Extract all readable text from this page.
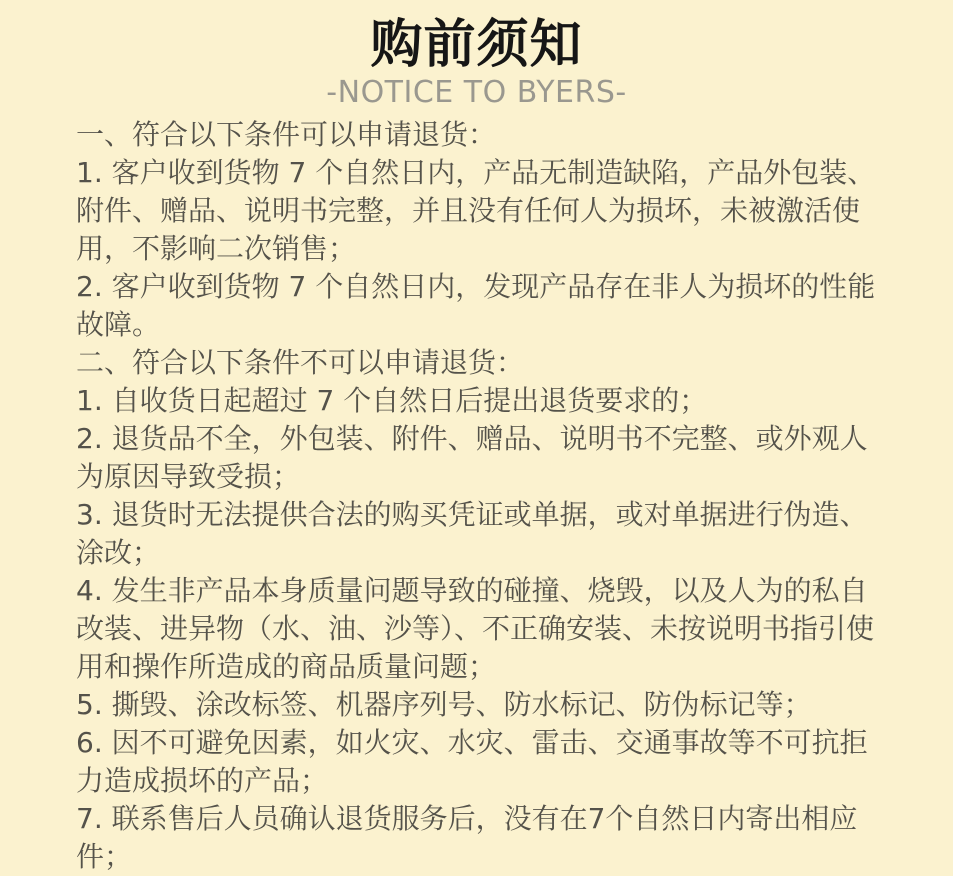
购前须知
-NOTICE TO BYERS-

一、符合以下条件可以申请退货：

1. 客户收到货物 7 个自然日内，产品无制造缺陷，产品外包装、附件、赠品、说明书完整，并且没有任何人为损坏，未被激活使用，不影响二次销售；

2. 客户收到货物 7 个自然日内，发现产品存在非人为损坏的性能故障。

二、符合以下条件不可以申请退货：

1. 自收货日起超过 7 个自然日后提出退货要求的；

2. 退货品不全，外包装、附件、赠品、说明书不完整、或外观人为原因导致受损；

3. 退货时无法提供合法的购买凭证或单据，或对单据进行伪造、涂改；

4. 发生非产品本身质量问题导致的碰撞、烧毁，以及人为的私自改装、进异物（水、油、沙等）、不正确安装、未按说明书指引使用和操作所造成的商品质量问题；

5. 撕毁、涂改标签、机器序列号、防水标记、防伪标记等；

6. 因不可避免因素，如火灾、水灾、雷击、交通事故等不可抗拒力造成损坏的产品；

7. 联系售后人员确认退货服务后，没有在7个自然日内寄出相应件；
